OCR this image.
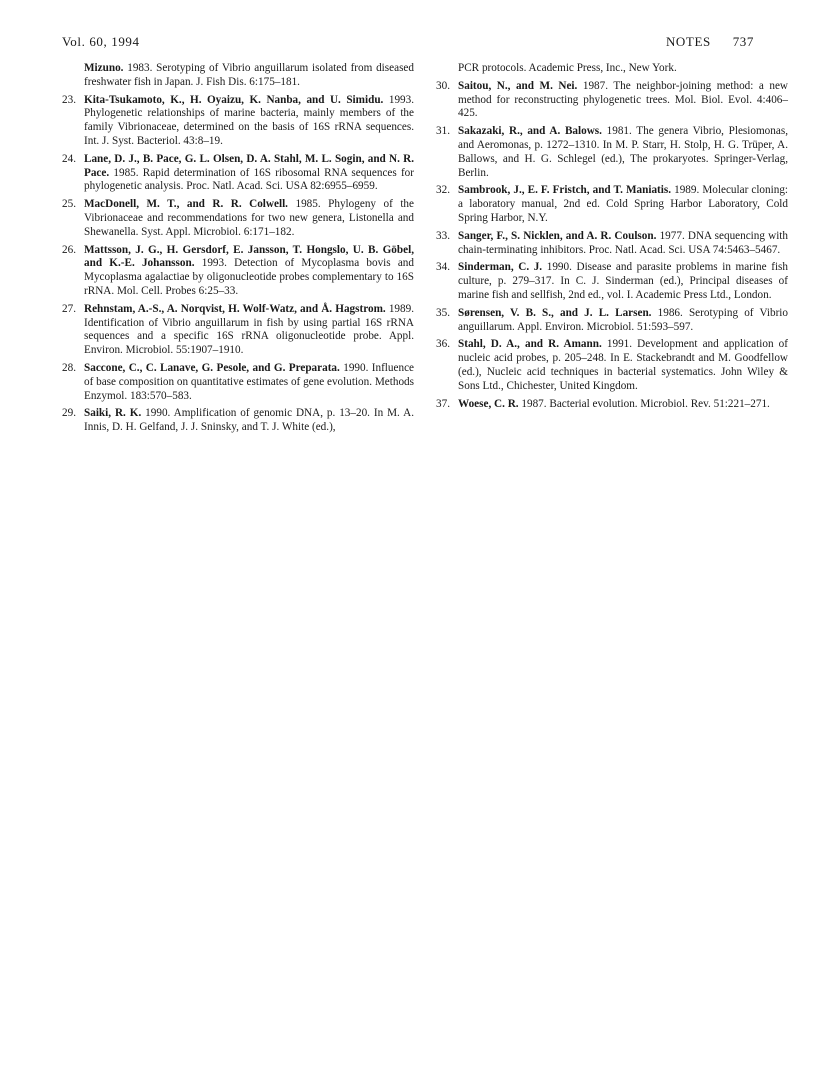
Vol. 60, 1994	NOTES 737
Mizuno. 1983. Serotyping of Vibrio anguillarum isolated from diseased freshwater fish in Japan. J. Fish Dis. 6:175–181.
23. Kita-Tsukamoto, K., H. Oyaizu, K. Nanba, and U. Simidu. 1993. Phylogenetic relationships of marine bacteria, mainly members of the family Vibrionaceae, determined on the basis of 16S rRNA sequences. Int. J. Syst. Bacteriol. 43:8–19.
24. Lane, D. J., B. Pace, G. L. Olsen, D. A. Stahl, M. L. Sogin, and N. R. Pace. 1985. Rapid determination of 16S ribosomal RNA sequences for phylogenetic analysis. Proc. Natl. Acad. Sci. USA 82:6955–6959.
25. MacDonell, M. T., and R. R. Colwell. 1985. Phylogeny of the Vibrionaceae and recommendations for two new genera, Listonella and Shewanella. Syst. Appl. Microbiol. 6:171–182.
26. Mattsson, J. G., H. Gersdorf, E. Jansson, T. Hongslo, U. B. Göbel, and K.-E. Johansson. 1993. Detection of Mycoplasma bovis and Mycoplasma agalactiae by oligonucleotide probes complementary to 16S rRNA. Mol. Cell. Probes 6:25–33.
27. Rehnstam, A.-S., A. Norqvist, H. Wolf-Watz, and Å. Hagstrom. 1989. Identification of Vibrio anguillarum in fish by using partial 16S rRNA sequences and a specific 16S rRNA oligonucleotide probe. Appl. Environ. Microbiol. 55:1907–1910.
28. Saccone, C., C. Lanave, G. Pesole, and G. Preparata. 1990. Influence of base composition on quantitative estimates of gene evolution. Methods Enzymol. 183:570–583.
29. Saiki, R. K. 1990. Amplification of genomic DNA, p. 13–20. In M. A. Innis, D. H. Gelfand, J. J. Sninsky, and T. J. White (ed.),
PCR protocols. Academic Press, Inc., New York.
30. Saitou, N., and M. Nei. 1987. The neighbor-joining method: a new method for reconstructing phylogenetic trees. Mol. Biol. Evol. 4:406–425.
31. Sakazaki, R., and A. Balows. 1981. The genera Vibrio, Plesiomonas, and Aeromonas, p. 1272–1310. In M. P. Starr, H. Stolp, H. G. Trüper, A. Ballows, and H. G. Schlegel (ed.), The prokaryotes. Springer-Verlag, Berlin.
32. Sambrook, J., E. F. Fristch, and T. Maniatis. 1989. Molecular cloning: a laboratory manual, 2nd ed. Cold Spring Harbor Laboratory, Cold Spring Harbor, N.Y.
33. Sanger, F., S. Nicklen, and A. R. Coulson. 1977. DNA sequencing with chain-terminating inhibitors. Proc. Natl. Acad. Sci. USA 74:5463–5467.
34. Sinderman, C. J. 1990. Disease and parasite problems in marine fish culture, p. 279–317. In C. J. Sinderman (ed.), Principal diseases of marine fish and sellfish, 2nd ed., vol. I. Academic Press Ltd., London.
35. Sørensen, V. B. S., and J. L. Larsen. 1986. Serotyping of Vibrio anguillarum. Appl. Environ. Microbiol. 51:593–597.
36. Stahl, D. A., and R. Amann. 1991. Development and application of nucleic acid probes, p. 205–248. In E. Stackebrandt and M. Goodfellow (ed.), Nucleic acid techniques in bacterial systematics. John Wiley & Sons Ltd., Chichester, United Kingdom.
37. Woese, C. R. 1987. Bacterial evolution. Microbiol. Rev. 51:221–271.
